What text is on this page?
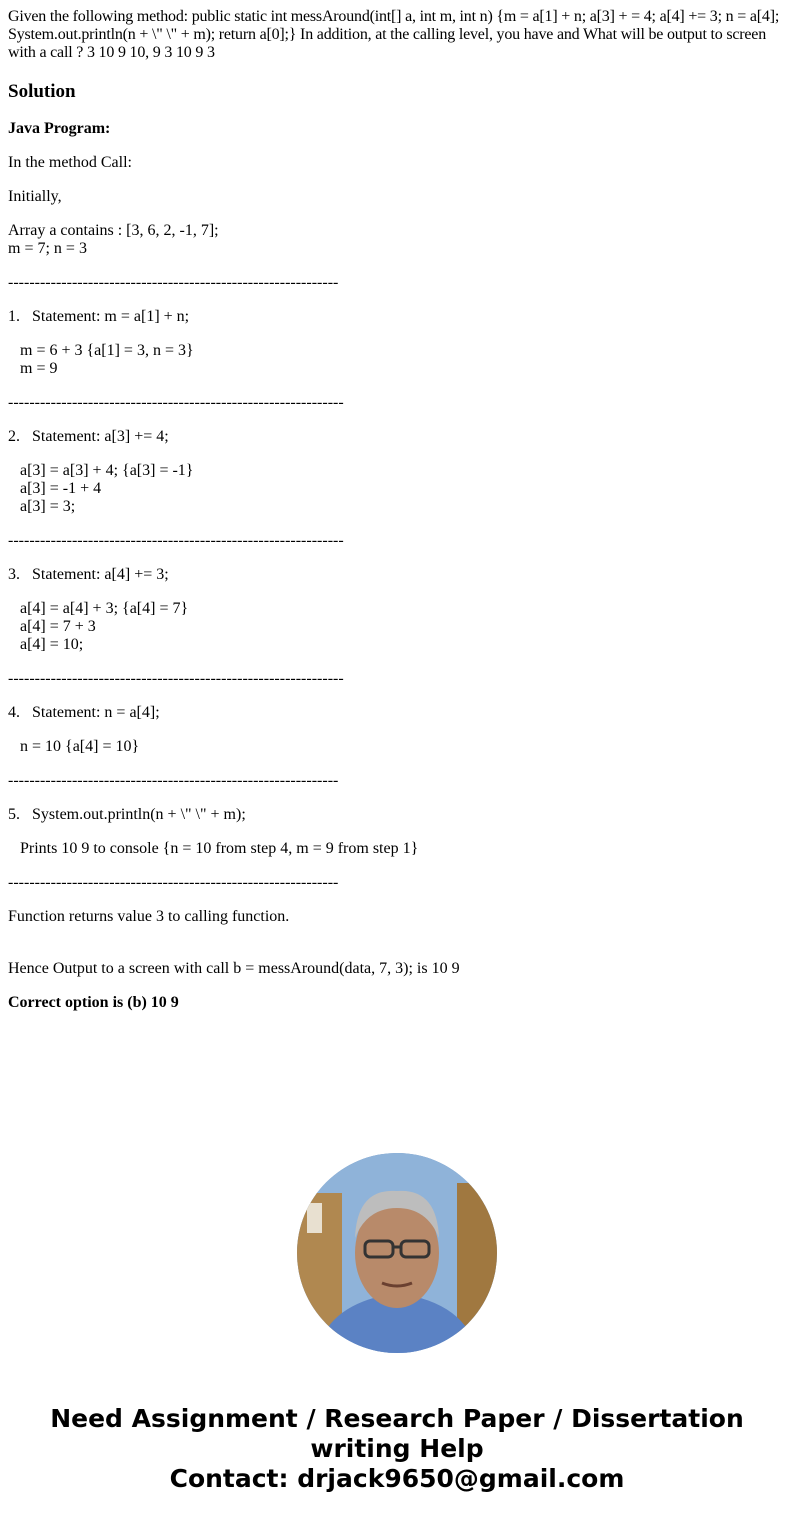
Given the following method: public static int messAround(int[] a, int m, int n) {m = a[1] + n; a[3] + = 4; a[4] += 3; n = a[4]; System.out.println(n + \" \" + m); return a[0];} In addition, at the calling level, you have and What will be output to screen with a call ? 3 10 9 10, 9 3 10 9 3

Solution

Java Program:

In the method Call:

Initially,

Array a contains : [3, 6, 2, -1, 7];
m = 7; n = 3

--------------------------------------------------------------

1.   Statement: m = a[1] + n;

m = 6 + 3 {a[1] = 3, n = 3}
m = 9

---------------------------------------------------------------

2.   Statement: a[3] += 4;

a[3] = a[3] + 4; {a[3] = -1}
a[3] = -1 + 4
a[3] = 3;

---------------------------------------------------------------

3.   Statement: a[4] += 3;

a[4] = a[4] + 3; {a[4] = 7}
a[4] = 7 + 3
a[4] = 10;

---------------------------------------------------------------

4.   Statement: n = a[4];

n = 10 {a[4] = 10}

--------------------------------------------------------------

5.   System.out.println(n + \" \" + m);

Prints 10 9 to console {n = 10 from step 4, m = 9 from step 1}

--------------------------------------------------------------

Function returns value 3 to calling function.

Hence Output to a screen with call b = messAround(data, 7, 3); is 10 9

Correct option is (b) 10 9

Need Assignment / Research Paper / Dissertation
writing Help
Contact: drjack9650@gmail.com
